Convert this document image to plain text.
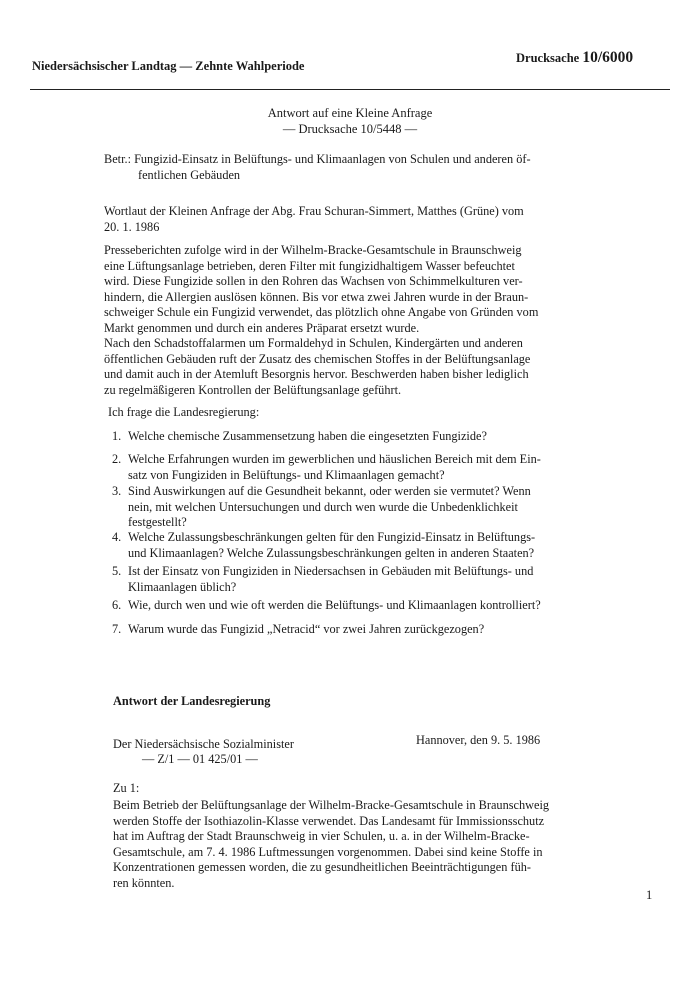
Niedersächsischer Landtag — Zehnte Wahlperiode
Drucksache 10/6000
Antwort auf eine Kleine Anfrage
— Drucksache 10/5448 —
Betr.: Fungizid-Einsatz in Belüftungs- und Klimaanlagen von Schulen und anderen öf-
fentlichen Gebäuden
Wortlaut der Kleinen Anfrage der Abg. Frau Schuran-Simmert, Matthes (Grüne) vom
20. 1. 1986
Presseberichten zufolge wird in der Wilhelm-Bracke-Gesamtschule in Braunschweig
eine Lüftungsanlage betrieben, deren Filter mit fungizidhaltigem Wasser befeuchtet
wird. Diese Fungizide sollen in den Rohren das Wachsen von Schimmelkulturen ver-
hindern, die Allergien auslösen können. Bis vor etwa zwei Jahren wurde in der Braun-
schweiger Schule ein Fungizid verwendet, das plötzlich ohne Angabe von Gründen vom
Markt genommen und durch ein anderes Präparat ersetzt wurde.
Nach den Schadstoffalarmen um Formaldehyd in Schulen, Kindergärten und anderen
öffentlichen Gebäuden ruft der Zusatz des chemischen Stoffes in der Belüftungsanlage
und damit auch in der Atemluft Besorgnis hervor. Beschwerden haben bisher lediglich
zu regelmäßigeren Kontrollen der Belüftungsanlage geführt.
Ich frage die Landesregierung:
1. Welche chemische Zusammensetzung haben die eingesetzten Fungizide?
2. Welche Erfahrungen wurden im gewerblichen und häuslichen Bereich mit dem Ein-
satz von Fungiziden in Belüftungs- und Klimaanlagen gemacht?
3. Sind Auswirkungen auf die Gesundheit bekannt, oder werden sie vermutet? Wenn
nein, mit welchen Untersuchungen und durch wen wurde die Unbedenklichkeit
festgestellt?
4. Welche Zulassungsbeschränkungen gelten für den Fungizid-Einsatz in Belüftungs-
und Klimaanlagen? Welche Zulassungsbeschränkungen gelten in anderen Staaten?
5. Ist der Einsatz von Fungiziden in Niedersachsen in Gebäuden mit Belüftungs- und
Klimaanlagen üblich?
6. Wie, durch wen und wie oft werden die Belüftungs- und Klimaanlagen kontrolliert?
7. Warum wurde das Fungizid „Netracid“ vor zwei Jahren zurückgezogen?
Antwort der Landesregierung
Der Niedersächsische Sozialminister
— Z/1 — 01 425/01 —
Hannover, den 9. 5. 1986
Zu 1:
Beim Betrieb der Belüftungsanlage der Wilhelm-Bracke-Gesamtschule in Braunschweig
werden Stoffe der Isothiazolin-Klasse verwendet. Das Landesamt für Immissionsschutz
hat im Auftrag der Stadt Braunschweig in vier Schulen, u. a. in der Wilhelm-Bracke-
Gesamtschule, am 7. 4. 1986 Luftmessungen vorgenommen. Dabei sind keine Stoffe in
Konzentrationen gemessen worden, die zu gesundheitlichen Beeinträchtigungen füh-
ren könnten.
1
